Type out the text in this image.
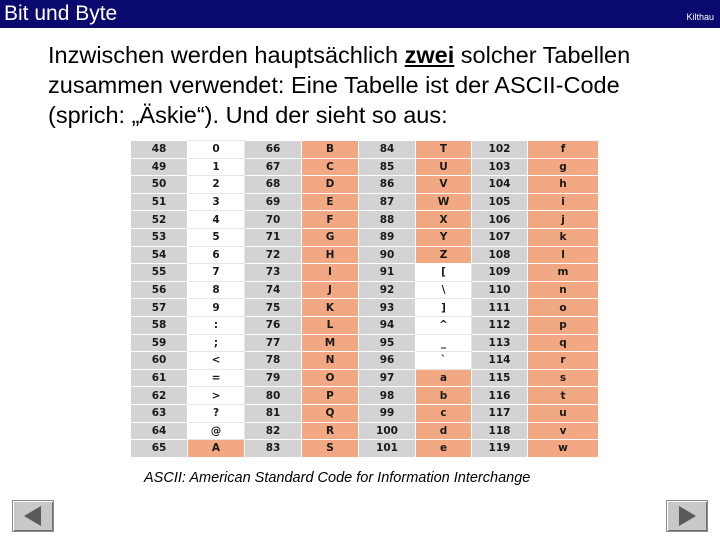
Bit und Byte	Kilthau

Inzwischen werden hauptsächlich zwei solcher Tabellen zusammen verwendet: Eine Tabelle ist der ASCII-Code (sprich: „Äskie“). Und der sieht so aus:

48	0	66	B	84	T	102	f
49	1	67	C	85	U	103	g
50	2	68	D	86	V	104	h
51	3	69	E	87	W	105	i
52	4	70	F	88	X	106	j
53	5	71	G	89	Y	107	k
54	6	72	H	90	Z	108	l
55	7	73	I	91	[	109	m
56	8	74	J	92	\	110	n
57	9	75	K	93	]	111	o
58	:	76	L	94	^	112	p
59	;	77	M	95	_	113	q
60	<	78	N	96	`	114	r
61	=	79	O	97	a	115	s
62	>	80	P	98	b	116	t
63	?	81	Q	99	c	117	u
64	@	82	R	100	d	118	v
65	A	83	S	101	e	119	w
ASCII: American Standard Code for Information Interchange
